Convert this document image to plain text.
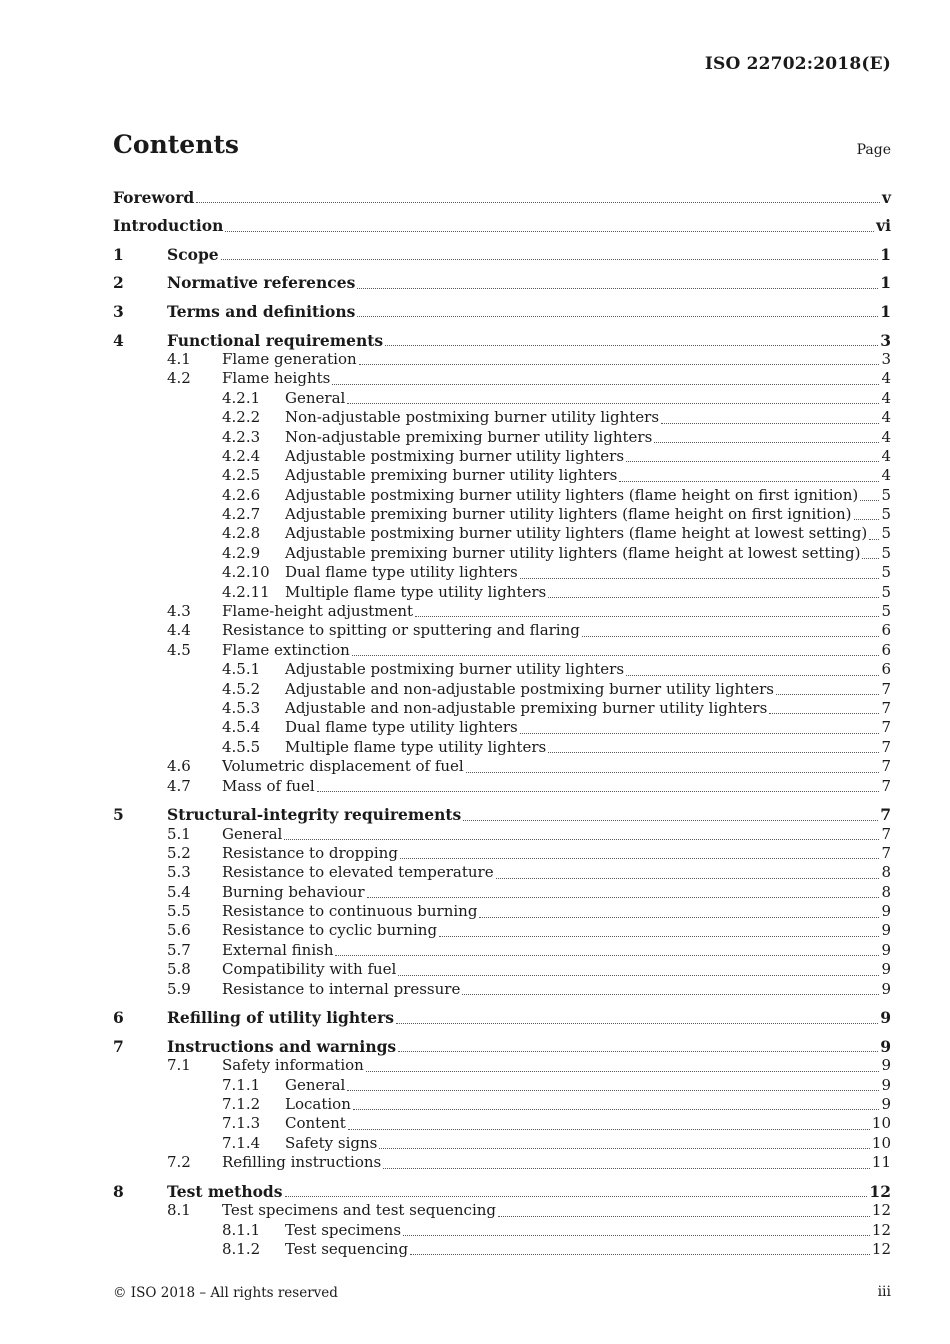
ISO 22702:2018(E)
Contents	Page
Foreword	v
Introduction	vi
1	Scope	1
2	Normative references	1
3	Terms and definitions	1
4	Functional requirements	3
4.1 Flame generation	3
4.2 Flame heights	4
4.2.1 General	4
4.2.2 Non-adjustable postmixing burner utility lighters	4
4.2.3 Non-adjustable premixing burner utility lighters	4
4.2.4 Adjustable postmixing burner utility lighters	4
4.2.5 Adjustable premixing burner utility lighters	4
4.2.6 Adjustable postmixing burner utility lighters (flame height on first ignition) 5
4.2.7 Adjustable premixing burner utility lighters (flame height on first ignition) 5
4.2.8 Adjustable postmixing burner utility lighters (flame height at lowest setting) 5
4.2.9 Adjustable premixing burner utility lighters (flame height at lowest setting) 5
4.2.10 Dual flame type utility lighters	5
4.2.11 Multiple flame type utility lighters	5
4.3 Flame-height adjustment	5
4.4 Resistance to spitting or sputtering and flaring	6
4.5 Flame extinction	6
4.5.1 Adjustable postmixing burner utility lighters	6
4.5.2 Adjustable and non-adjustable postmixing burner utility lighters	7
4.5.3 Adjustable and non-adjustable premixing burner utility lighters	7
4.5.4 Dual flame type utility lighters	7
4.5.5 Multiple flame type utility lighters	7
4.6 Volumetric displacement of fuel	7
4.7 Mass of fuel	7
5	Structural-integrity requirements	7
5.1 General	7
5.2 Resistance to dropping	7
5.3 Resistance to elevated temperature	8
5.4 Burning behaviour	8
5.5 Resistance to continuous burning	9
5.6 Resistance to cyclic burning	9
5.7 External finish	9
5.8 Compatibility with fuel	9
5.9 Resistance to internal pressure	9
6	Refilling of utility lighters	9
7	Instructions and warnings	9
7.1 Safety information	9
7.1.1 General	9
7.1.2 Location	9
7.1.3 Content	10
7.1.4 Safety signs	10
7.2 Refilling instructions	11
8	Test methods	12
8.1 Test specimens and test sequencing	12
8.1.1 Test specimens	12
8.1.2 Test sequencing	12
© ISO 2018 – All rights reserved	iii
